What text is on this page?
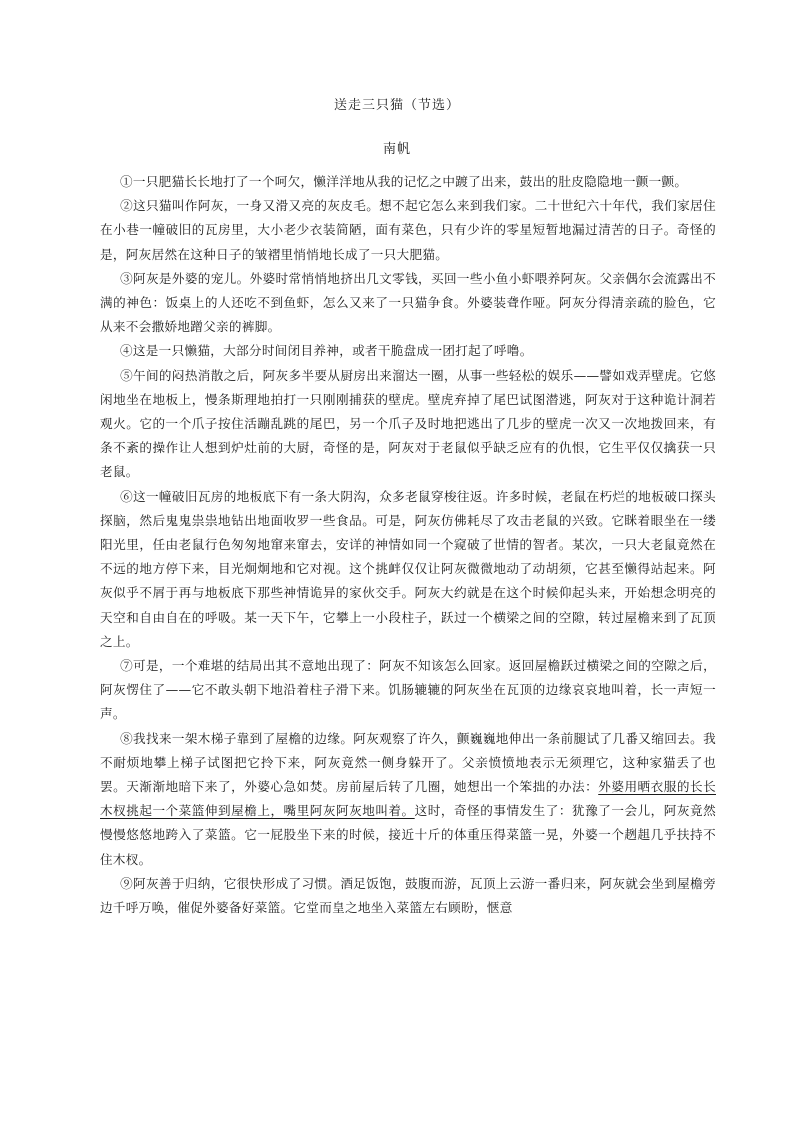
送走三只猫（节选）
南帆

①一只肥猫长长地打了一个呵欠，懒洋洋地从我的记忆之中踱了出来，鼓出的肚皮隐隐地一颤一颤。

②这只猫叫作阿灰，一身又滑又亮的灰皮毛。想不起它怎么来到我们家。二十世纪六十年代，我们家居住在小巷一幢破旧的瓦房里，大小老少衣装简陋，面有菜色，只有少许的零星短暂地漏过清苦的日子。奇怪的是，阿灰居然在这种日子的皱褶里悄悄地长成了一只大肥猫。

③阿灰是外婆的宠儿。外婆时常悄悄地挤出几文零钱，买回一些小鱼小虾喂养阿灰。父亲偶尔会流露出不满的神色：饭桌上的人还吃不到鱼虾，怎么又来了一只猫争食。外婆装聋作哑。阿灰分得清亲疏的脸色，它从来不会撒娇地蹭父亲的裤脚。

④这是一只懒猫，大部分时间闭目养神，或者干脆盘成一团打起了呼噜。

⑤午间的闷热消散之后，阿灰多半要从厨房出来溜达一圈，从事一些轻松的娱乐——譬如戏弄壁虎。它悠闲地坐在地板上，慢条斯理地拍打一只刚刚捕获的壁虎。壁虎弃掉了尾巴试图潜逃，阿灰对于这种诡计洞若观火。它的一个爪子按住活蹦乱跳的尾巴，另一个爪子及时地把逃出了几步的壁虎一次又一次地拨回来，有条不紊的操作让人想到炉灶前的大厨，奇怪的是，阿灰对于老鼠似乎缺乏应有的仇恨，它生平仅仅擒获一只老鼠。

⑥这一幢破旧瓦房的地板底下有一条大阴沟，众多老鼠穿梭往返。许多时候，老鼠在朽烂的地板破口探头探脑，然后鬼鬼祟祟地钻出地面收罗一些食品。可是，阿灰仿佛耗尽了攻击老鼠的兴致。它眯着眼坐在一缕阳光里，任由老鼠行色匆匆地窜来窜去，安详的神情如同一个窥破了世情的智者。某次，一只大老鼠竟然在不远的地方停下来，目光炯炯地和它对视。这个挑衅仅仅让阿灰微微地动了动胡须，它甚至懒得站起来。阿灰似乎不屑于再与地板底下那些神情诡异的家伙交手。阿灰大约就是在这个时候仰起头来，开始想念明亮的天空和自由自在的呼吸。某一天下午，它攀上一小段柱子，跃过一个横梁之间的空隙，转过屋檐来到了瓦顶之上。

⑦可是，一个难堪的结局出其不意地出现了：阿灰不知该怎么回家。返回屋檐跃过横梁之间的空隙之后，阿灰愣住了——它不敢头朝下地沿着柱子滑下来。饥肠辘辘的阿灰坐在瓦顶的边缘哀哀地叫着，长一声短一声。

⑧我找来一架木梯子靠到了屋檐的边缘。阿灰观察了许久，颤巍巍地伸出一条前腿试了几番又缩回去。我不耐烦地攀上梯子试图把它拎下来，阿灰竟然一侧身躲开了。父亲愤愤地表示无须理它，这种家猫丢了也罢。天渐渐地暗下来了，外婆心急如焚。房前屋后转了几圈，她想出一个笨拙的办法：外婆用晒衣服的长长木杈挑起一个菜篮伸到屋檐上，嘴里阿灰阿灰地叫着。这时，奇怪的事情发生了：犹豫了一会儿，阿灰竟然慢慢悠悠地跨入了菜篮。它一屁股坐下来的时候，接近十斤的体重压得菜篮一晃，外婆一个趔趄几乎扶持不住木杈。

⑨阿灰善于归纳，它很快形成了习惯。酒足饭饱，鼓腹而游，瓦顶上云游一番归来，阿灰就会坐到屋檐旁边千呼万唤，催促外婆备好菜篮。它堂而皇之地坐入菜篮左右顾盼，惬意
